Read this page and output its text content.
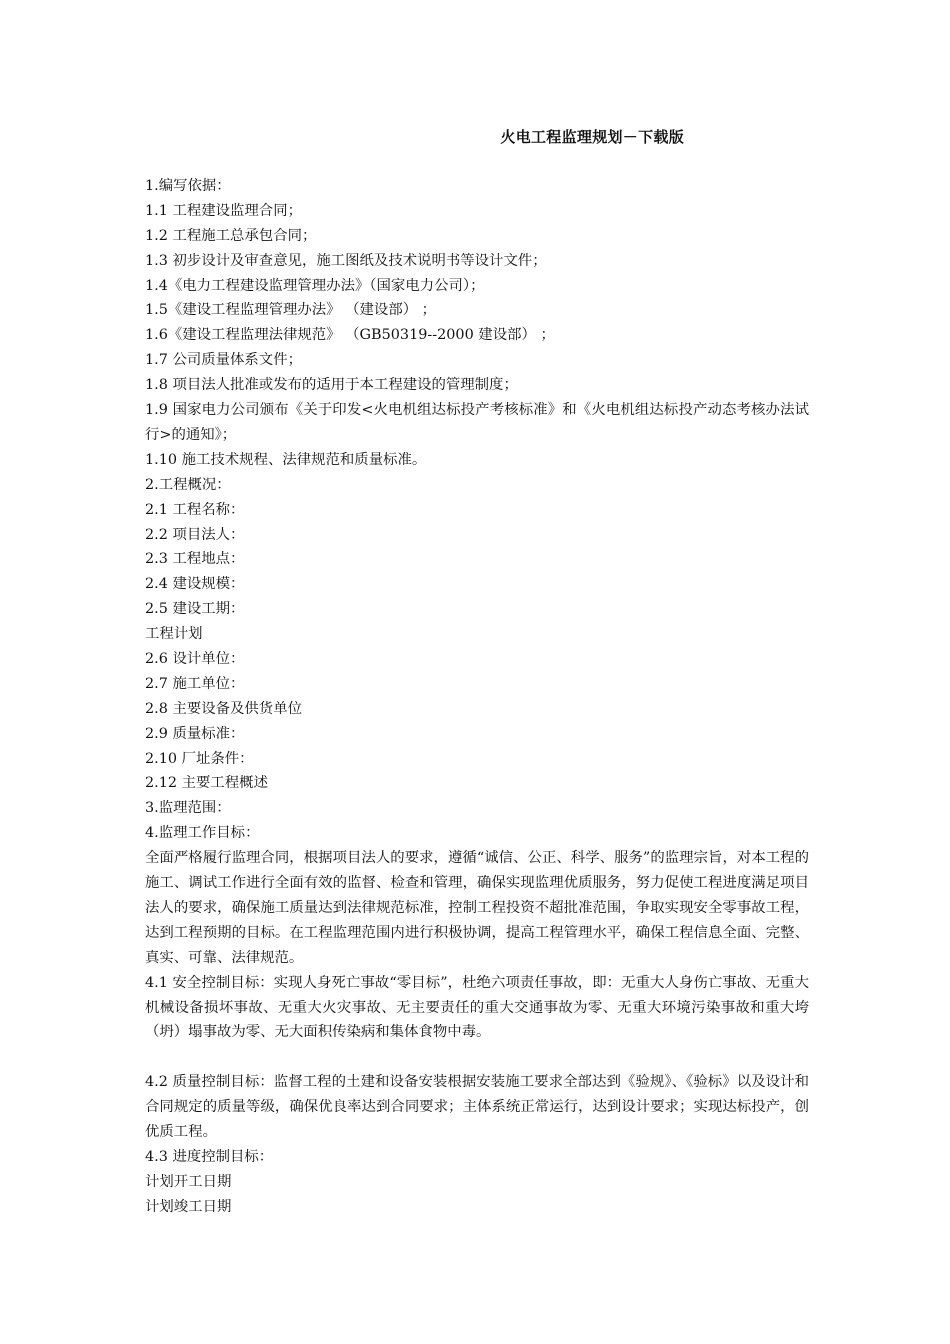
火电工程监理规划－下载版
1.编写依据：
1.1 工程建设监理合同；
1.2 工程施工总承包合同；
1.3 初步设计及审查意见，施工图纸及技术说明书等设计文件；
1.4《电力工程建设监理管理办法》（国家电力公司）；
1.5《建设工程监理管理办法》 （建设部） ；
1.6《建设工程监理法律规范》 （GB50319--2000 建设部） ；
1.7 公司质量体系文件；
1.8 项目法人批准或发布的适用于本工程建设的管理制度；
1.9 国家电力公司颁布《关于印发<火电机组达标投产考核标准》和《火电机组达标投产动态考核办法试行>的通知》；
1.10 施工技术规程、法律规范和质量标准。
2.工程概况：
2.1 工程名称：
2.2 项目法人：
2.3 工程地点：
2.4 建设规模：
2.5 建设工期：
工程计划
2.6 设计单位：
2.7 施工单位：
2.8 主要设备及供货单位
2.9 质量标准：
2.10 厂址条件：
2.12 主要工程概述
3.监理范围：
4.监理工作目标：
全面严格履行监理合同，根据项目法人的要求，遵循“诚信、公正、科学、服务”的监理宗旨，对本工程的施工、调试工作进行全面有效的监督、检查和管理，确保实现监理优质服务，努力促使工程进度满足项目法人的要求，确保施工质量达到法律规范标准，控制工程投资不超批准范围，争取实现安全零事故工程，达到工程预期的目标。在工程监理范围内进行积极协调，提高工程管理水平，确保工程信息全面、完整、真实、可靠、法律规范。
4.1 安全控制目标：实现人身死亡事故“零目标”，杜绝六项责任事故，即：无重大人身伤亡事故、无重大机械设备损坏事故、无重大火灾事故、无主要责任的重大交通事故为零、无重大环境污染事故和重大垮（坍）塌事故为零、无大面积传染病和集体食物中毒。
4.2 质量控制目标：监督工程的土建和设备安装根据安装施工要求全部达到《验规》、《验标》以及设计和合同规定的质量等级，确保优良率达到合同要求；主体系统正常运行，达到设计要求；实现达标投产，创优质工程。
4.3 进度控制目标：
计划开工日期
计划竣工日期
